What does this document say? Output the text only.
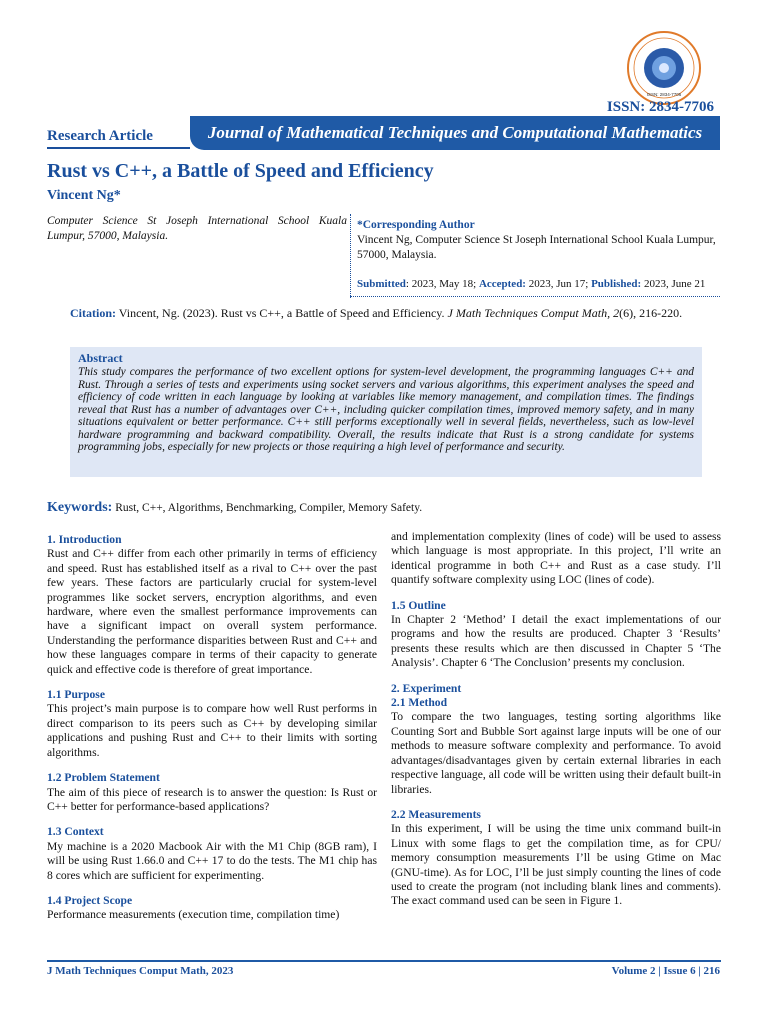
ISSN: 2834-7706
ISSN: 2834-7706
Research Article	Journal of Mathematical Techniques and Computational Mathematics
Rust vs C++, a Battle of Speed and Efficiency
Vincent Ng*
Computer Science St Joseph International School Kuala Lumpur, 57000, Malaysia.
*Corresponding Author
Vincent Ng, Computer Science St Joseph International School Kuala Lumpur, 57000, Malaysia.
Submitted: 2023, May 18; Accepted: 2023, Jun 17; Published: 2023, June 21
Citation: Vincent, Ng. (2023). Rust vs C++, a Battle of Speed and Efficiency. J Math Techniques Comput Math, 2(6), 216-220.
Abstract
This study compares the performance of two excellent options for system-level development, the programming languages C++ and Rust. Through a series of tests and experiments using socket servers and various algorithms, this experiment analyses the speed and efficiency of code written in each language by looking at variables like memory management, and compilation times. The findings reveal that Rust has a number of advantages over C++, including quicker compilation times, improved memory safety, and in many situations equivalent or better performance. C++ still performs exceptionally well in several fields, nevertheless, such as low-level hardware programming and backward compatibility. Overall, the results indicate that Rust is a strong candidate for systems programming jobs, especially for new projects or those requiring a high level of performance and security.
Keywords: Rust, C++, Algorithms, Benchmarking, Compiler, Memory Safety.
1. Introduction

Rust and C++ differ from each other primarily in terms of efficiency and speed. Rust has established itself as a rival to C++ over the past few years. These factors are particularly crucial for system-level programmes like socket servers, encryption algorithms, and even hardware, where even the smallest performance improvements can have a significant impact on overall system performance. Understanding the performance disparities between Rust and C++ and how these languages compare in terms of their capacity to generate quick and effective code is therefore of great importance.

1.1 Purpose

This project’s main purpose is to compare how well Rust performs in direct comparison to its peers such as C++ by developing similar applications and pushing Rust and C++ to their limits with sorting algorithms.

1.2 Problem Statement

The aim of this piece of research is to answer the question: Is Rust or C++ better for performance-based applications?

1.3 Context

My machine is a 2020 Macbook Air with the M1 Chip (8GB ram), I will be using Rust 1.66.0 and C++ 17 to do the tests. The M1 chip has 8 cores which are sufficient for experimenting.

1.4 Project Scope

Performance measurements (execution time, compilation time)

and implementation complexity (lines of code) will be used to assess which language is most appropriate. In this project, I’ll write an identical programme in both C++ and Rust as a case study. I’ll quantify software complexity using LOC (lines of code).

1.5 Outline

In Chapter 2 ‘Method’ I detail the exact implementations of our programs and how the results are produced. Chapter 3 ‘Results’ presents these results which are then discussed in Chapter 5 ‘The Analysis’. Chapter 6 ‘The Conclusion’ presents my conclusion.

2. Experiment
2.1 Method

To compare the two languages, testing sorting algorithms like Counting Sort and Bubble Sort against large inputs will be one of our methods to measure software complexity and performance. To avoid advantages/disadvantages given by certain external libraries in each respective language, all code will be written using their default built-in libraries.

2.2 Measurements

In this experiment, I will be using the time unix command built-in Linux with some flags to get the compilation time, as for CPU/ memory consumption measurements I’ll be using Gtime on Mac (GNU-time). As for LOC, I’ll be just simply counting the lines of code used to create the program (not including blank lines and comments). The exact command used can be seen in Figure 1.

J Math Techniques Comput Math, 2023	Volume 2 | Issue 6 | 216
